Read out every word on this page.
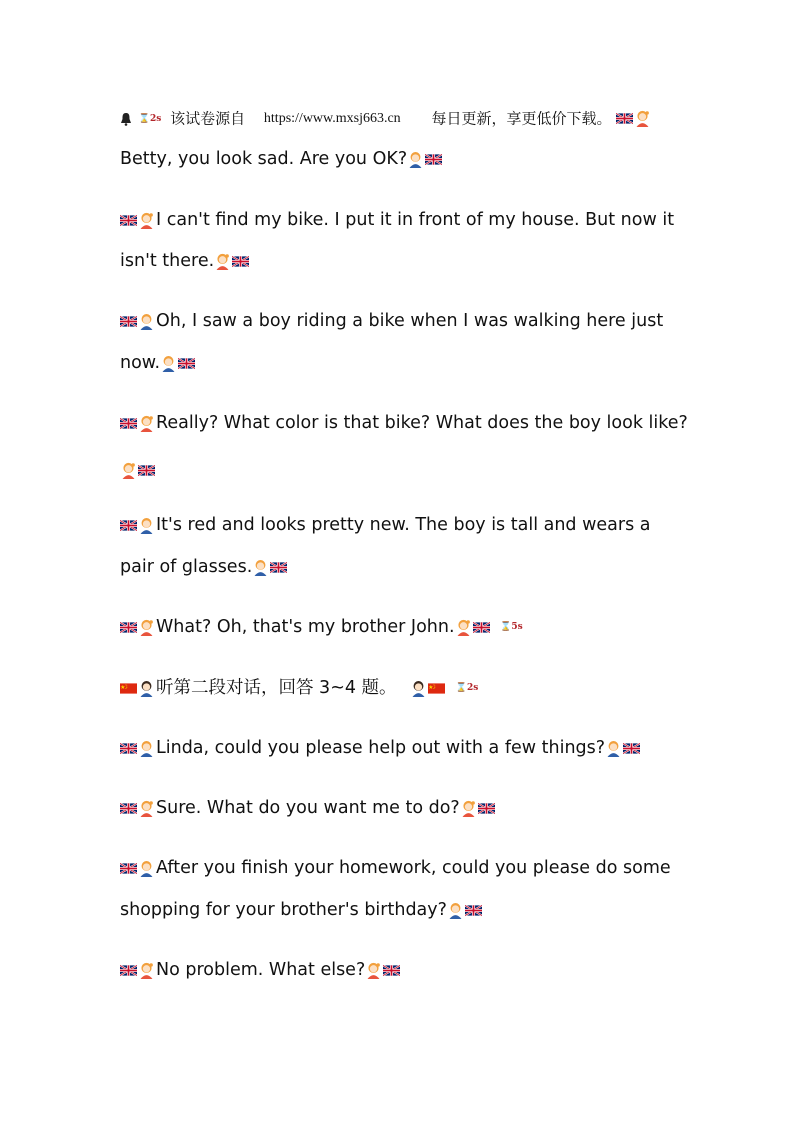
⌛2s 该试卷源自 https://www.mxsj663.cn 每日更新，享更低价下载。
Betty, you look sad. Are you OK?
I can't find my bike. I put it in front of my house. But now it
isn't there.
Oh, I saw a boy riding a bike when I was walking here just
now.
Really? What color is that bike? What does the boy look like?
It's red and looks pretty new. The boy is tall and wears a
pair of glasses.
What? Oh, that's my brother John.	⌛5s
听第二段对话，回答 3~4 题。	⌛2s
Linda, could you please help out with a few things?
Sure. What do you want me to do?
After you finish your homework, could you please do some
shopping for your brother's birthday?
No problem. What else?
